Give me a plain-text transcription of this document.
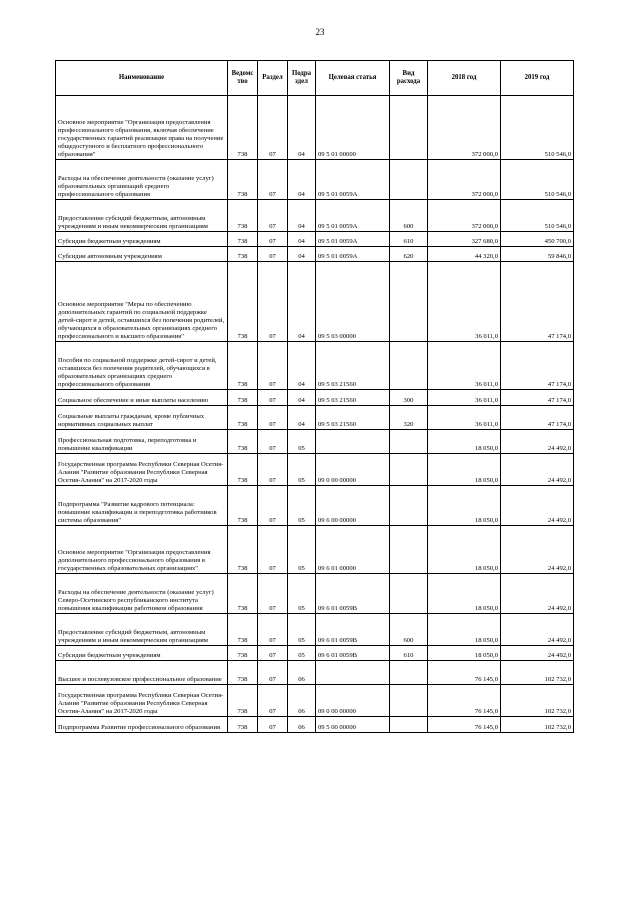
23
Наименование	Ведомс тво	Раздел	Подра здел	Целевая статья	Вид расхода	2018 год	2019 год
Основное мероприятие "Организация предоставления профессионального образования, включая обеспечение государственных гарантий реализации права на получение общедоступного и бесплатного профессионального образования"	738	07	04	09 5 01 00000		372 000,0	510 546,0
Расходы на обеспечение деятельности (оказание услуг) образовательных организаций среднего профессионального образования	738	07	04	09 5 01 0059А		372 000,0	510 546,0
Предоставление субсидий бюджетным, автономным учреждениям и иным некоммерческим организациям	738	07	04	09 5 01 0059А	600	372 000,0	510 546,0
Субсидии бюджетным учреждениям	738	07	04	09 5 01 0059А	610	327 680,0	450 700,0
Субсидии автономным учреждениям	738	07	04	09 5 01 0059А	620	44 320,0	59 846,0
Основное мероприятие "Меры по обеспечению дополнительных гарантий по социальной поддержке детей-сирот и детей, оставшихся без попечения родителей, обучающихся в образовательных организациях среднего профессионального и высшего образования"	738	07	04	09 5 03 00000		36 011,0	47 174,0
Пособия по социальной поддержке детей-сирот и детей, оставшихся без попечения родителей, обучающихся в образовательных организациях среднего профессионального образования	738	07	04	09 5 03 21560		36 011,0	47 174,0
Социальное обеспечение и иные выплаты населению	738	07	04	09 5 03 21560	300	36 011,0	47 174,0
Социальные выплаты гражданам, кроме публичных нормативных социальных выплат	738	07	04	09 5 03 21560	320	36 011,0	47 174,0
Профессиональная подготовка, переподготовка и повышение квалификации	738	07	05			18 050,0	24 492,0
Государственная программа Республики Северная Осетия-Алания "Развитие образования Республики Северная Осетия-Алания" на 2017-2020 годы	738	07	05	09 0 00 00000		18 050,0	24 492,0
Подпрограмма "Развитие кадрового потенциала: повышение квалификации и переподготовка работников системы образования"	738	07	05	09 6 00 00000		18 050,0	24 492,0
Основное мероприятие "Организация предоставления дополнительного профессионального образования в государственных образовательных организациях"	738	07	05	09 6 01 00000		18 050,0	24 492,0
Расходы на обеспечение деятельности (оказание услуг) Северо-Осетинского республиканского института повышения квалификации работников образования	738	07	05	09 6 01 0059В		18 050,0	24 492,0
Предоставление субсидий бюджетным, автономным учреждениям и иным некоммерческим организациям	738	07	05	09 6 01 0059В	600	18 050,0	24 492,0
Субсидии бюджетным учреждениям	738	07	05	09 6 01 0059В	610	18 050,0	24 492,0
Высшее и послевузовское профессиональное образование	738	07	06			76 145,0	102 732,0
Государственная программа Республики Северная Осетия-Алания "Развитие образования Республики Северная Осетия-Алания" на 2017-2020 годы	738	07	06	09 0 00 00000		76 145,0	102 732,0
Подпрограмма Развитие профессионального образования	738	07	06	09 5 00 00000		76 145,0	102 732,0
